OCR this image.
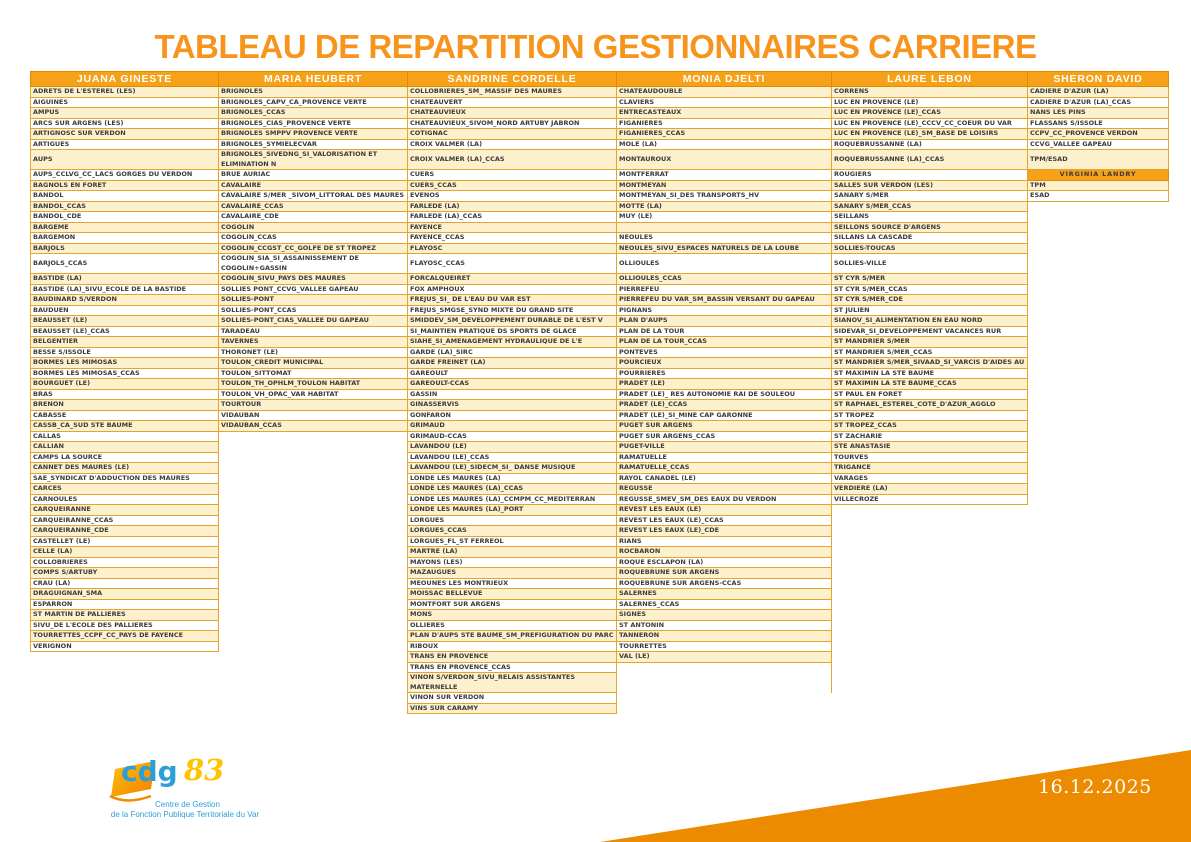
TABLEAU DE REPARTITION GESTIONNAIRES CARRIERE
JUANA GINESTE	MARIA HEUBERT	SANDRINE CORDELLE	MONIA DJELTI	LAURE LEBON	SHERON DAVID
ADRETS DE L'ESTEREL (LES)	BRIGNOLES	COLLOBRIERES_SM_ MASSIF DES MAURES	CHATEAUDOUBLE	CORRENS	CADIERE D'AZUR (LA)
AIGUINES	BRIGNOLES_CAPV_CA_PROVENCE VERTE	CHATEAUVERT	CLAVIERS	LUC EN PROVENCE (LE)	CADIERE D'AZUR (LA)_CCAS
AMPUS	BRIGNOLES_CCAS	CHATEAUVIEUX	ENTRECASTEAUX	LUC EN PROVENCE (LE)_CCAS	NANS LES PINS
ARCS SUR ARGENS (LES)	BRIGNOLES_CIAS_PROVENCE VERTE	CHATEAUVIEUX_SIVOM_NORD ARTUBY JABRON	FIGANIERES	LUC EN PROVENCE (LE)_CCCV_CC_COEUR DU VAR	FLASSANS S/ISSOLE
ARTIGNOSC SUR VERDON	BRIGNOLES SMPPV PROVENCE VERTE	COTIGNAC	FIGANIERES_CCAS	LUC EN PROVENCE (LE)_SM_BASE DE LOISIRS	CCPV_CC_PROVENCE VERDON
ARTIGUES	BRIGNOLES_SYMIELECVAR	CROIX VALMER (LA)	MOLE (LA)	ROQUEBRUSSANNE (LA)	CCVG_VALLEE GAPEAU
AUPS	BRIGNOLES_SIVEDNG_SI_VALORISATION ET ELIMINATION N	CROIX VALMER (LA)_CCAS	MONTAUROUX	ROQUEBRUSSANNE (LA)_CCAS	TPM/ESAD
AUPS_CCLVG_CC_LACS GORGES DU VERDON	BRUE AURIAC	CUERS	MONTFERRAT	ROUGIERS	VIRGINIA LANDRY
BAGNOLS EN FORET	CAVALAIRE	CUERS_CCAS	MONTMEYAN	SALLES SUR VERDON (LES)	TPM
BANDOL	CAVALAIRE S/MER _SIVOM_LITTORAL DES MAURES	EVENOS	MONTMEYAN_SI_DES TRANSPORTS_HV	SANARY S/MER	ESAD
BANDOL_CCAS	CAVALAIRE_CCAS	FARLEDE (LA)	MOTTE (LA)	SANARY S/MER_CCAS	
BANDOL_CDE	CAVALAIRE_CDE	FARLEDE (LA)_CCAS	MUY (LE)	SEILLANS	
BARGEME	COGOLIN	FAYENCE		SEILLONS SOURCE D'ARGENS	
BARGEMON	COGOLIN_CCAS	FAYENCE_CCAS	NEOULES	SILLANS LA CASCADE	
BARJOLS	COGOLIN_CCGST_CC_GOLFE DE ST TROPEZ	FLAYOSC	NEOULES_SIVU_ESPACES NATURELS DE LA LOUBE	SOLLIES-TOUCAS	
BARJOLS_CCAS	COGOLIN_SIA_SI_ASSAINISSEMENT DE COGOLIN+GASSIN	FLAYOSC_CCAS	OLLIOULES	SOLLIES-VILLE	
BASTIDE (LA)	COGOLIN_SIVU_PAYS DES MAURES	FORCALQUEIRET	OLLIOULES_CCAS	ST CYR S/MER	
BASTIDE (LA)_SIVU_ECOLE DE LA BASTIDE	SOLLIES PONT_CCVG_VALLEE GAPEAU	FOX AMPHOUX	PIERREFEU	ST CYR S/MER_CCAS	
BAUDINARD S/VERDON	SOLLIES-PONT	FREJUS_SI_ DE L'EAU DU VAR EST	PIERREFEU DU VAR_SM_BASSIN VERSANT DU GAPEAU	ST CYR S/MER_CDE	
BAUDUEN	SOLLIES-PONT_CCAS	FREJUS_SMGSE_SYND MIXTE DU GRAND SITE	PIGNANS	ST JULIEN	
BEAUSSET (LE)	SOLLIES-PONT_CIAS_VALLEE DU GAPEAU	SMIDDEV_SM_DEVELOPPEMENT DURABLE DE L'EST V	PLAN D'AUPS	SIANOV_SI_ALIMENTATION EN EAU NORD	
BEAUSSET (LE)_CCAS	TARADEAU	SI_MAINTIEN PRATIQUE DS SPORTS DE GLACE	PLAN DE LA TOUR	SIDEVAR_SI_DEVELOPPEMENT VACANCES RUR	
BELGENTIER	TAVERNES	SIAHE_SI_AMENAGEMENT HYDRAULIQUE DE L'E	PLAN DE LA TOUR_CCAS	ST MANDRIER S/MER	
BESSE S/ISSOLE	THORONET (LE)	GARDE (LA)_SIRC	PONTEVES	ST MANDRIER S/MER_CCAS	
BORMES LES MIMOSAS	TOULON_CREDIT MUNICIPAL	GARDE FREINET (LA)	POURCIEUX	ST MANDRIER S/MER_SIVAAD_SI_VARCIS D'AIDES AU	
BORMES LES MIMOSAS_CCAS	TOULON_SITTOMAT	GAREOULT	POURRIERES	ST MAXIMIN LA STE BAUME	
BOURGUET (LE)	TOULON_TH_OPHLM_TOULON HABITAT	GAREOULT-CCAS	PRADET (LE)	ST MAXIMIN LA STE BAUME_CCAS	
BRAS	TOULON_VH_OPAC_VAR HABITAT	GASSIN	PRADET (LE)_ RES AUTONOMIE RAI DE SOULEOU	ST PAUL EN FORET	
BRENON	TOURTOUR	GINASSERVIS	PRADET (LE)_CCAS	ST RAPHAEL_ESTEREL_COTE_D'AZUR_AGGLO	
CABASSE	VIDAUBAN	GONFARON	PRADET (LE)_SI_MINE CAP GARONNE	ST TROPEZ	
CASSB_CA_SUD STE BAUME	VIDAUBAN_CCAS	GRIMAUD	PUGET SUR ARGENS	ST TROPEZ_CCAS	
CALLAS		GRIMAUD-CCAS	PUGET SUR ARGENS_CCAS	ST ZACHARIE	
CALLIAN		LAVANDOU (LE)	PUGET-VILLE	STE ANASTASIE	
CAMPS LA SOURCE		LAVANDOU (LE)_CCAS	RAMATUELLE	TOURVES	
CANNET DES MAURES (LE)		LAVANDOU (LE)_SIDECM_SI_ DANSE MUSIQUE	RAMATUELLE_CCAS	TRIGANCE	
SAE_SYNDICAT D'ADDUCTION DES MAURES		LONDE LES MAURES (LA)	RAYOL CANADEL (LE)	VARAGES	
CARCES		LONDE LES MAURES (LA)_CCAS	REGUSSE	VERDIERE (LA)	
CARNOULES		LONDE LES MAURES (LA)_CCMPM_CC_MEDITERRAN	REGUSSE_SMEV_SM_DES EAUX DU VERDON	VILLECROZE	
CARQUEIRANNE		LONDE LES MAURES (LA)_PORT	REVEST LES EAUX (LE)		
CARQUEIRANNE_CCAS		LORGUES	REVEST LES EAUX (LE)_CCAS		
CARQUEIRANNE_CDE		LORGUES_CCAS	REVEST LES EAUX (LE)_CDE		
CASTELLET (LE)		LORGUES_FL_ST FERREOL	RIANS		
CELLE (LA)		MARTRE (LA)	ROCBARON		
COLLOBRIERES		MAYONS (LES)	ROQUE ESCLAPON (LA)		
COMPS S/ARTUBY		MAZAUGUES	ROQUEBRUNE SUR ARGENS		
CRAU (LA)		MEOUNES LES MONTRIEUX	ROQUEBRUNE SUR ARGENS-CCAS		
DRAGUIGNAN_SMA		MOISSAC BELLEVUE	SALERNES		
ESPARRON		MONTFORT SUR ARGENS	SALERNES_CCAS		
ST MARTIN DE PALLIERES		MONS	SIGNES		
SIVU_DE L'ECOLE DES PALLIERES		OLLIERES	ST ANTONIN		
TOURRETTES_CCPF_CC_PAYS DE FAYENCE		PLAN D'AUPS STE BAUME_SM_PREFIGURATION DU PARC	TANNERON		
VERIGNON		RIBOUX	TOURRETTES		
		TRANS EN PROVENCE	VAL (LE)		
		TRANS EN PROVENCE_CCAS			
		VINON S/VERDON_SIVU_RELAIS ASSISTANTES MATERNELLE			
		VINON SUR VERDON			
		VINS SUR CARAMY			
cdg 83
Centre de Gestion
de la Fonction Publique Territoriale du Var
16.12.2025
